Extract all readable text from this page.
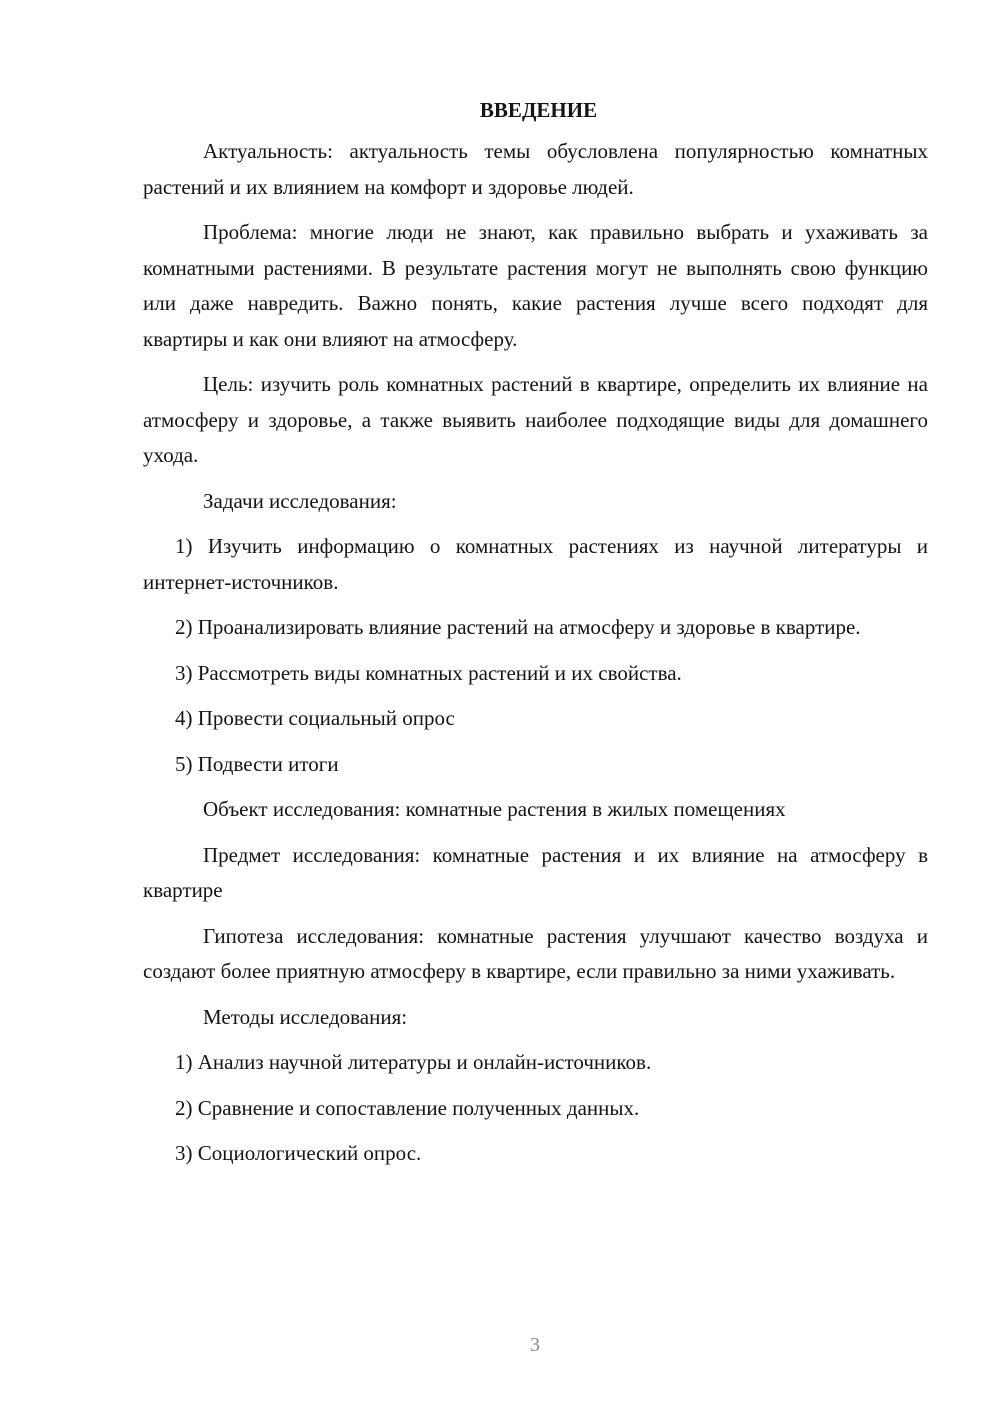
ВВЕДЕНИЕ

Актуальность: актуальность темы обусловлена популярностью комнатных растений и их влиянием на комфорт и здоровье людей.

Проблема: многие люди не знают, как правильно выбрать и ухаживать за комнатными растениями. В результате растения могут не выполнять свою функцию или даже навредить. Важно понять, какие растения лучше всего подходят для квартиры и как они влияют на атмосферу.

Цель: изучить роль комнатных растений в квартире, определить их влияние на атмосферу и здоровье, а также выявить наиболее подходящие виды для домашнего ухода.

Задачи исследования:

1) Изучить информацию о комнатных растениях из научной литературы и интернет-источников.

2) Проанализировать влияние растений на атмосферу и здоровье в квартире.

3) Рассмотреть виды комнатных растений и их свойства.

4) Провести социальный опрос

5) Подвести итоги

Объект исследования: комнатные растения в жилых помещениях

Предмет исследования: комнатные растения и их влияние на атмосферу в квартире

Гипотеза исследования: комнатные растения улучшают качество воздуха и создают более приятную атмосферу в квартире, если правильно за ними ухаживать.

Методы исследования:

1) Анализ научной литературы и онлайн-источников.

2) Сравнение и сопоставление полученных данных.

3) Социологический опрос.

3
